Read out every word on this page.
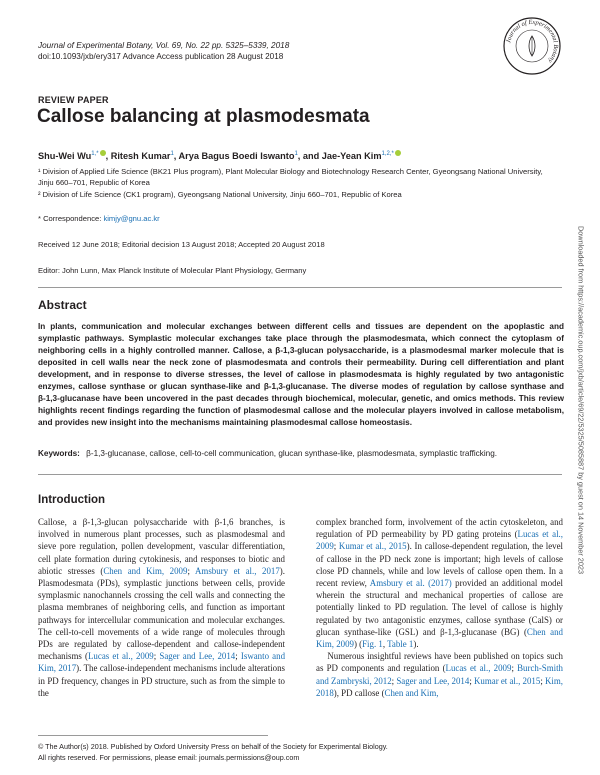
Journal of Experimental Botany, Vol. 69, No. 22 pp. 5325–5339, 2018
doi:10.1093/jxb/ery317 Advance Access publication 28 August 2018
Journal of Experimental Botany
REVIEW PAPER
Callose balancing at plasmodesmata
Shu-Wei $Wu^{1,*}$ , Ritesh Kumar$^1$, Arya Bagus Boedi Iswanto$^1$, and Jae-Yean Kim$^{1,2,*}$
¹ Division of Applied Life Science (BK21 Plus program), Plant Molecular Biology and Biotechnology Research Center, Gyeongsang National University, Jinju 660–701, Republic of Korea
² Division of Life Science (CK1 program), Gyeongsang National University, Jinju 660–701, Republic of Korea
* Correspondence: kimjy@gnu.ac.kr
Received 12 June 2018; Editorial decision 13 August 2018; Accepted 20 August 2018
Editor: John Lunn, Max Planck Institute of Molecular Plant Physiology, Germany
Abstract
In plants, communication and molecular exchanges between different cells and tissues are dependent on the apoplastic and symplastic pathways. Symplastic molecular exchanges take place through the plasmodesmata, which connect the cytoplasm of neighboring cells in a highly controlled manner. Callose, a β-1,3-glucan polysaccharide, is a plasmodesmal marker molecule that is deposited in cell walls near the neck zone of plasmodesmata and controls their permeability. During cell differentiation and plant development, and in response to diverse stresses, the level of callose in plasmodesmata is highly regulated by two antagonistic enzymes, callose synthase or glucan synthase-like and β-1,3-glucanase. The diverse modes of regulation by callose synthase and β-1,3-glucanase have been uncovered in the past decades through biochemical, molecular, genetic, and omics methods. This review highlights recent findings regarding the function of plasmodesmal callose and the molecular players involved in callose metabolism, and provides new insight into the mechanisms maintaining plasmodesmal callose homeostasis.
Keywords: β-1,3-glucanase, callose, cell-to-cell communication, glucan synthase-like, plasmodesmata, symplastic trafficking.
Introduction
Callose, a β-1,3-glucan polysaccharide with β-1,6 branches, is involved in numerous plant processes, such as plasmodesmal and sieve pore regulation, pollen development, vascular differentiation, cell plate formation during cytokinesis, and responses to biotic and abiotic stresses (Chen and Kim, 2009; Amsbury et al., 2017). Plasmodesmata (PDs), symplastic junctions between cells, provide symplasmic nanochannels crossing the cell walls and connecting the plasma membranes of neighboring cells, and function as important pathways for intercellular communication and molecular exchanges. The cell-to-cell movements of a wide range of molecules through PDs are regulated by callose-dependent and callose-independent mechanisms (Lucas et al., 2009; Sager and Lee, 2014; Iswanto and Kim, 2017). The callose-independent mechanisms include alterations in PD frequency, changes in PD structure, such as from the simple to the
complex branched form, involvement of the actin cytoskeleton, and regulation of PD permeability by PD gating proteins (Lucas et al., 2009; Kumar et al., 2015). In callose-dependent regulation, the level of callose in the PD neck zone is important; high levels of callose close PD channels, while and low levels of callose open them. In a recent review, Amsbury et al. (2017) provided an additional model wherein the structural and mechanical properties of callose are potentially linked to PD regulation. The level of callose is highly regulated by two antagonistic enzymes, callose synthase (CalS) or glucan synthase-like (GSL) and β-1,3-glucanase (BG) (Chen and Kim, 2009) (Fig. 1, Table 1).
Numerous insightful reviews have been published on topics such as PD components and regulation (Lucas et al., 2009; Burch-Smith and Zambryski, 2012; Sager and Lee, 2014; Kumar et al., 2015; Kim, 2018), PD callose (Chen and Kim,
Downloaded from https://academic.oup.com/jxb/article/69/22/5325/5085887 by guest on 14 November 2023
© The Author(s) 2018. Published by Oxford University Press on behalf of the Society for Experimental Biology.
All rights reserved. For permissions, please email: journals.permissions@oup.com
